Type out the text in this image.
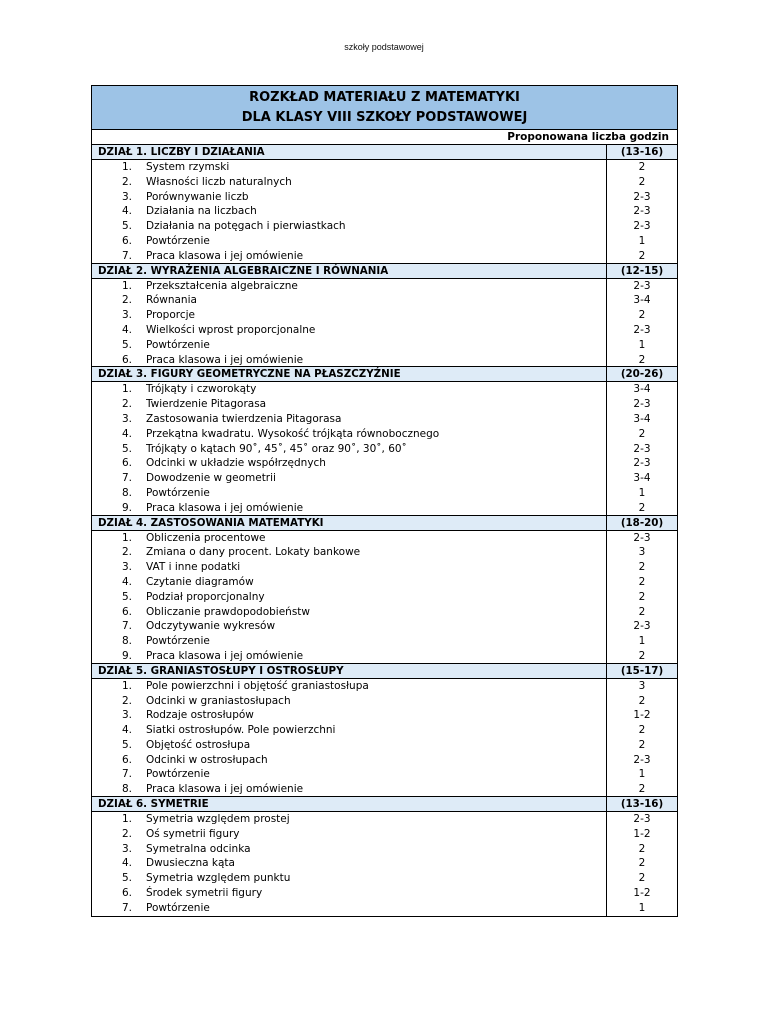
szkoły podstawowej
ROZKŁAD MATERIAŁU Z MATEMATYKI
DLA KLASY VIII SZKOŁY PODSTAWOWEJ
Proponowana liczba godzin
DZIAŁ 1. LICZBY I DZIAŁANIA	(13-16)
1.	System rzymski	2
2.	Własności liczb naturalnych	2
3.	Porównywanie liczb	2-3
4.	Działania na liczbach	2-3
5.	Działania na potęgach i pierwiastkach	2-3
6.	Powtórzenie	1
7.	Praca klasowa i jej omówienie	2
DZIAŁ 2. WYRAŻENIA ALGEBRAICZNE I RÓWNANIA	(12-15)
1.	Przekształcenia algebraiczne	2-3
2.	Równania	3-4
3.	Proporcje	2
4.	Wielkości wprost proporcjonalne	2-3
5.	Powtórzenie	1
6.	Praca klasowa i jej omówienie	2
DZIAŁ 3. FIGURY GEOMETRYCZNE NA PŁASZCZYŹNIE	(20-26)
1.	Trójkąty i czworokąty	3-4
2.	Twierdzenie Pitagorasa	2-3
3.	Zastosowania twierdzenia Pitagorasa	3-4
4.	Przekątna kwadratu. Wysokość trójkąta równobocznego	2
5.	Trójkąty o kątach 90˚, 45˚, 45˚ oraz 90˚, 30˚, 60˚	2-3
6.	Odcinki w układzie współrzędnych	2-3
7.	Dowodzenie w geometrii	3-4
8.	Powtórzenie	1
9.	Praca klasowa i jej omówienie	2
DZIAŁ 4. ZASTOSOWANIA MATEMATYKI	(18-20)
1.	Obliczenia procentowe	2-3
2.	Zmiana o dany procent. Lokaty bankowe	3
3.	VAT i inne podatki	2
4.	Czytanie diagramów	2
5.	Podział proporcjonalny	2
6.	Obliczanie prawdopodobieństw	2
7.	Odczytywanie wykresów	2-3
8.	Powtórzenie	1
9.	Praca klasowa i jej omówienie	2
DZIAŁ 5. GRANIASTOSŁUPY I OSTROSŁUPY	(15-17)
1.	Pole powierzchni i objętość graniastosłupa	3
2.	Odcinki w graniastosłupach	2
3.	Rodzaje ostrosłupów	1-2
4.	Siatki ostrosłupów. Pole powierzchni	2
5.	Objętość ostrosłupa	2
6.	Odcinki w ostrosłupach	2-3
7.	Powtórzenie	1
8.	Praca klasowa i jej omówienie	2
DZIAŁ 6. SYMETRIE	(13-16)
1.	Symetria względem prostej	2-3
2.	Oś symetrii figury	1-2
3.	Symetralna odcinka	2
4.	Dwusieczna kąta	2
5.	Symetria względem punktu	2
6.	Środek symetrii figury	1-2
7.	Powtórzenie	1
